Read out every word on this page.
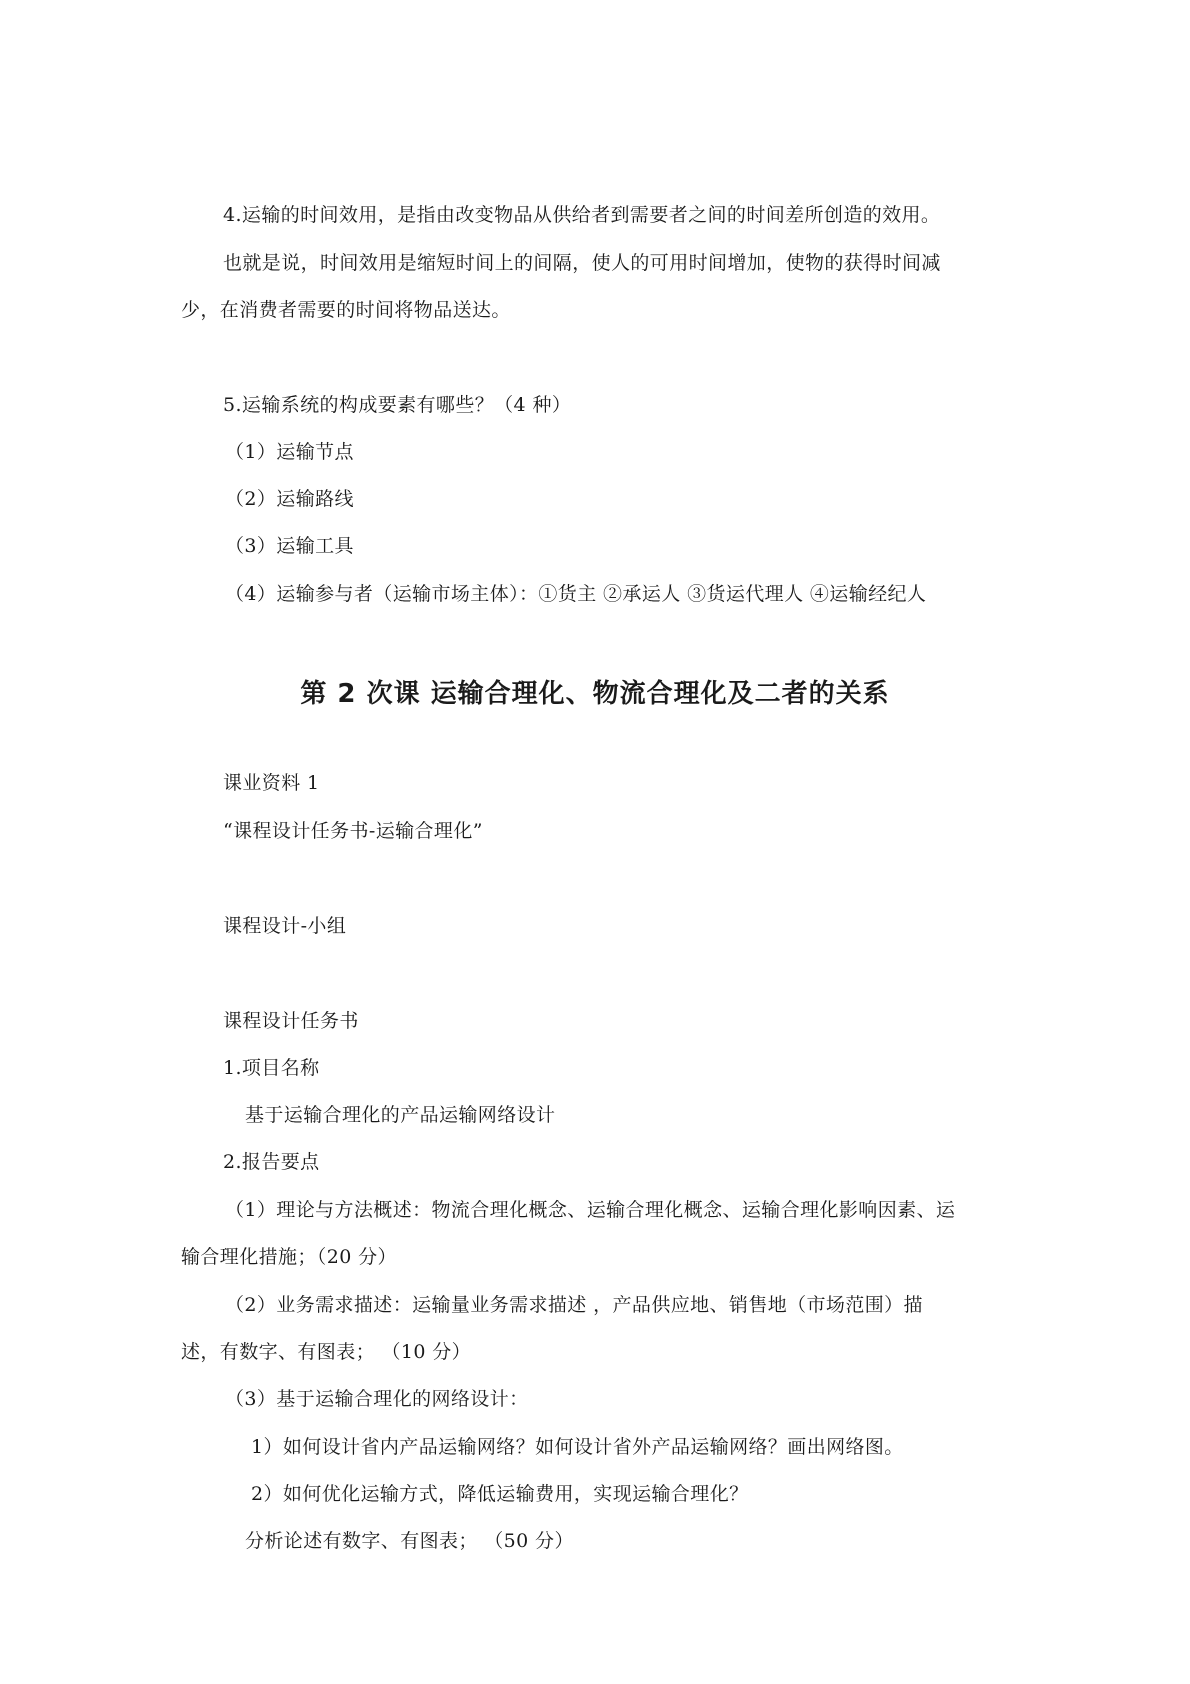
4.运输的时间效用，是指由改变物品从供给者到需要者之间的时间差所创造的效用。
也就是说，时间效用是缩短时间上的间隔，使人的可用时间增加，使物的获得时间减
少，在消费者需要的时间将物品送达。
5.运输系统的构成要素有哪些？（4 种）
（1）运输节点
（2）运输路线
（3）运输工具
（4）运输参与者（运输市场主体）：①货主 ②承运人 ③货运代理人 ④运输经纪人
第 2 次课 运输合理化、物流合理化及二者的关系
课业资料 1
“课程设计任务书-运输合理化”
课程设计-小组
课程设计任务书
1.项目名称
基于运输合理化的产品运输网络设计
2.报告要点
（1）理论与方法概述：物流合理化概念、运输合理化概念、运输合理化影响因素、运
输合理化措施；（20 分）
（2）业务需求描述：运输量业务需求描述 ，产品供应地、销售地（市场范围）描
述，有数字、有图表； （10 分）
（3）基于运输合理化的网络设计：
1）如何设计省内产品运输网络？如何设计省外产品运输网络？画出网络图。
2）如何优化运输方式，降低运输费用，实现运输合理化？
分析论述有数字、有图表； （50 分）
